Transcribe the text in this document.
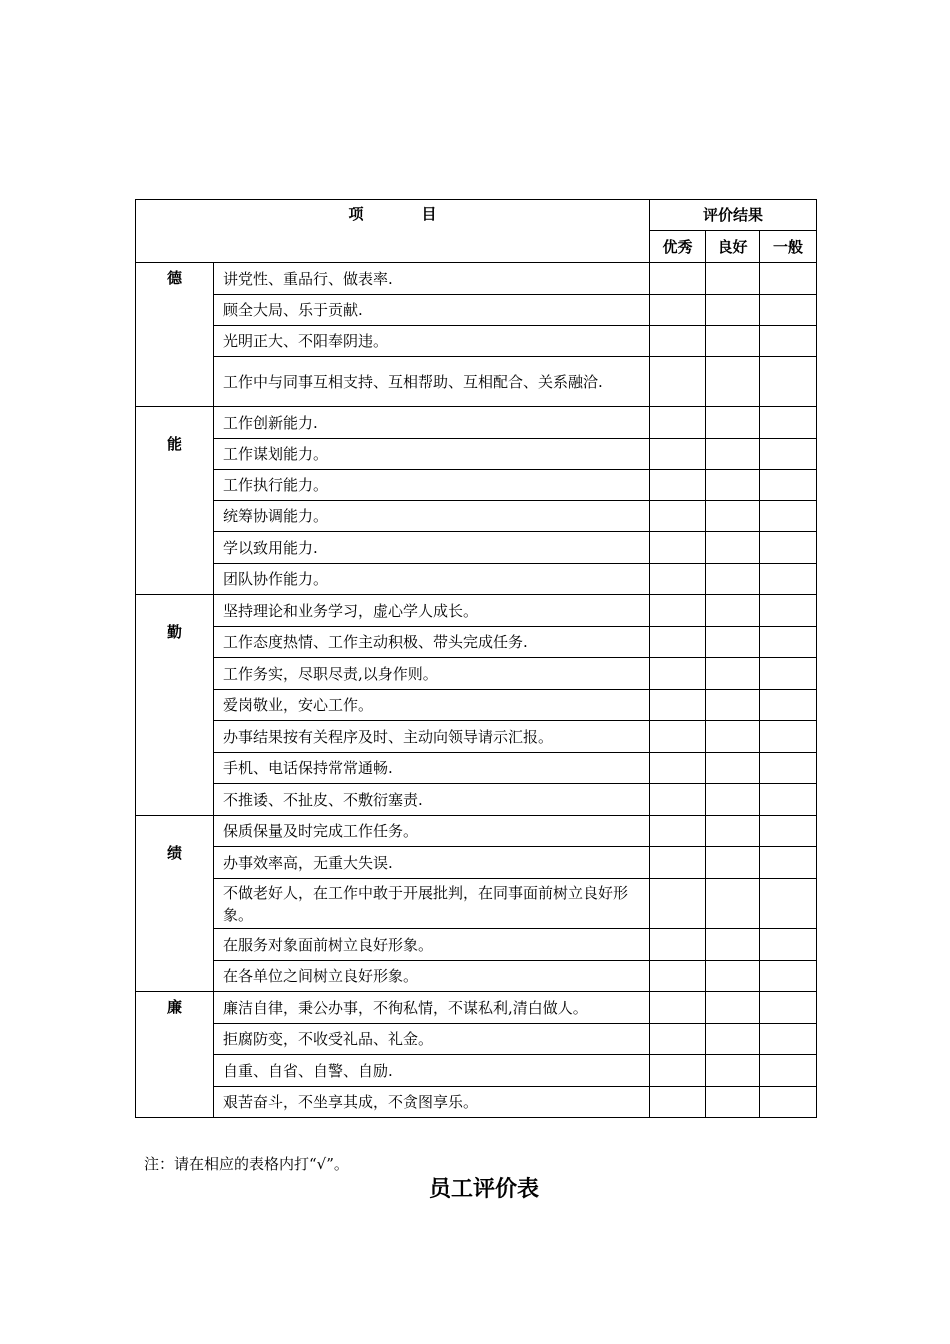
项 目		评价结果		
		优秀	良好	一般

德	讲党性、重品行、做表率.			
	顾全大局、乐于贡献.			
	光明正大、不阳奉阴违。			
	工作中与同事互相支持、互相帮助、互相配合、关系融洽.			

能	工作创新能力.			
	工作谋划能力。			
	工作执行能力。			
	统筹协调能力。			
	学以致用能力.			
	团队协作能力。			

勤	坚持理论和业务学习，虚心学人成长。			
	工作态度热情、工作主动积极、带头完成任务.			
	工作务实，尽职尽责,以身作则。			
	爱岗敬业，安心工作。			
	办事结果按有关程序及时、主动向领导请示汇报。			
	手机、电话保持常常通畅.			
	不推诿、不扯皮、不敷衍塞责.			

绩	保质保量及时完成工作任务。			
	办事效率高，无重大失误.			
	不做老好人，在工作中敢于开展批判，在同事面前树立良好形象。			
	在服务对象面前树立良好形象。			
	在各单位之间树立良好形象。			

廉	廉洁自律，秉公办事，不徇私情，不谋私利,清白做人。			
	拒腐防变，不收受礼品、礼金。			
	自重、自省、自警、自励.			
	艰苦奋斗，不坐享其成，不贪图享乐。			
注：请在相应的表格内打“√”。
员工评价表
